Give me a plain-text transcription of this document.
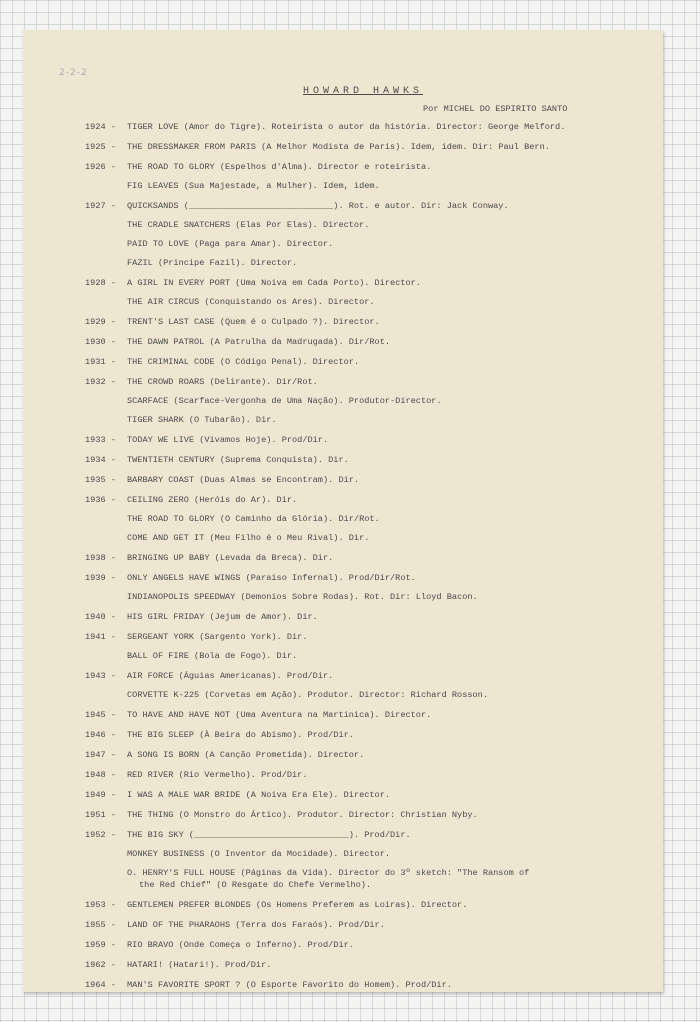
2-2-2
HOWARD HAWKS
Por MICHEL DO ESPIRITO SANTO
1924 - TIGER LOVE (Amor do Tigre). Roteirista o autor da história. Director: George Melford.
1925 - THE DRESSMAKER FROM PARIS (A Melhor Modista de Paris). Idem, idem. Dir: Paul Bern.
1926 - THE ROAD TO GLORY (Espelhos d'Alma). Director e roteirista.
FIG LEAVES (Sua Majestade, a Mulher). Idem, idem.
1927 - QUICKSANDS (____________________________). Rot. e autor. Dir: Jack Conway.
THE CRADLE SNATCHERS (Elas Por Elas). Director.
PAID TO LOVE (Paga para Amar). Director.
FAZIL (Principe Fazil). Director.
1928 - A GIRL IN EVERY PORT (Uma Noiva em Cada Porto). Director.
THE AIR CIRCUS (Conquistando os Ares). Director.
1929 - TRENT'S LAST CASE (Quem é o Culpado ?). Director.
1930 - THE DAWN PATROL (A Patrulha da Madrugada). Dir/Rot.
1931 - THE CRIMINAL CODE (O Código Penal). Director.
1932 - THE CROWD ROARS (Delirante). Dir/Rot.
SCARFACE (Scarface-Vergonha de Uma Nação). Produtor-Director.
TIGER SHARK (O Tubarão). Dir.
1933 - TODAY WE LIVE (Vivamos Hoje). Prod/Dir.
1934 - TWENTIETH CENTURY (Suprema Conquista). Dir.
1935 - BARBARY COAST (Duas Almas se Encontram). Dir.
1936 - CEILING ZERO (Heróis do Ar). Dir.
THE ROAD TO GLORY (O Caminho da Glória). Dir/Rot.
COME AND GET IT (Meu Filho é o Meu Rival). Dir.
1938 - BRINGING UP BABY (Levada da Breca). Dir.
1939 - ONLY ANGELS HAVE WINGS (Paraiso Infernal). Prod/Dir/Rot.
INDIANOPOLIS SPEEDWAY (Demonios Sobre Rodas). Rot. Dir: Lloyd Bacon.
1940 - HIS GIRL FRIDAY (Jejum de Amor). Dir.
1941 - SERGEANT YORK (Sargento York). Dir.
BALL OF FIRE (Bola de Fogo). Dir.
1943 - AIR FORCE (Águias Americanas). Prod/Dir.
CORVETTE K-225 (Corvetas em Ação). Produtor. Director: Richard Rosson.
1945 - TO HAVE AND HAVE NOT (Uma Aventura na Martinica). Director.
1946 - THE BIG SLEEP (À Beira do Abismo). Prod/Dir.
1947 - A SONG IS BORN (A Canção Prometida). Director.
1948 - RED RIVER (Rio Vermelho). Prod/Dir.
1949 - I WAS A MALE WAR BRIDE (A Noiva Era Ele). Director.
1951 - THE THING (O Monstro do Ártico). Produtor. Director: Christian Nyby.
1952 - THE BIG SKY (______________________________). Prod/Dir.
MONKEY BUSINESS (O Inventor da Mocidade). Director.
O. HENRY'S FULL HOUSE (Páginas da Vida). Director do 3º sketch: "The Ransom of
the Red Chief" (O Resgate do Chefe Vermelho).
1953 - GENTLEMEN PREFER BLONDES (Os Homens Preferem as Loiras). Director.
1955 - LAND OF THE PHARAOHS (Terra dos Faraós). Prod/Dir.
1959 - RIO BRAVO (Onde Começa o Inferno). Prod/Dir.
1962 - HATARI! (Hatari!). Prod/Dir.
1964 - MAN'S FAVORITE SPORT ? (O Esporte Favorito do Homem). Prod/Dir.
